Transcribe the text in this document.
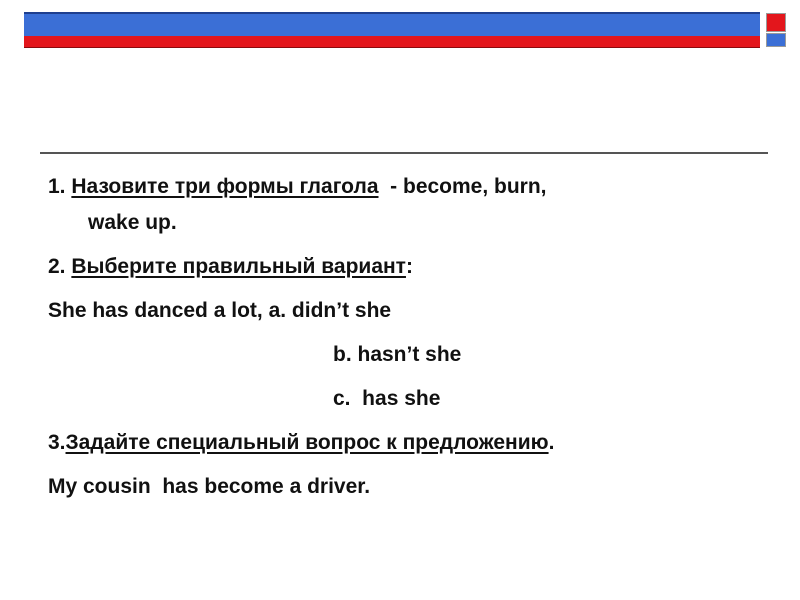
1. Назовите три формы глагола  - become, burn,
wake up.
2. Выберите правильный вариант:
She has danced a lot, a. didn’t she
b. hasn’t she
c.  has she
3.Задайте специальный вопрос к предложению.
My cousin  has become a driver.
